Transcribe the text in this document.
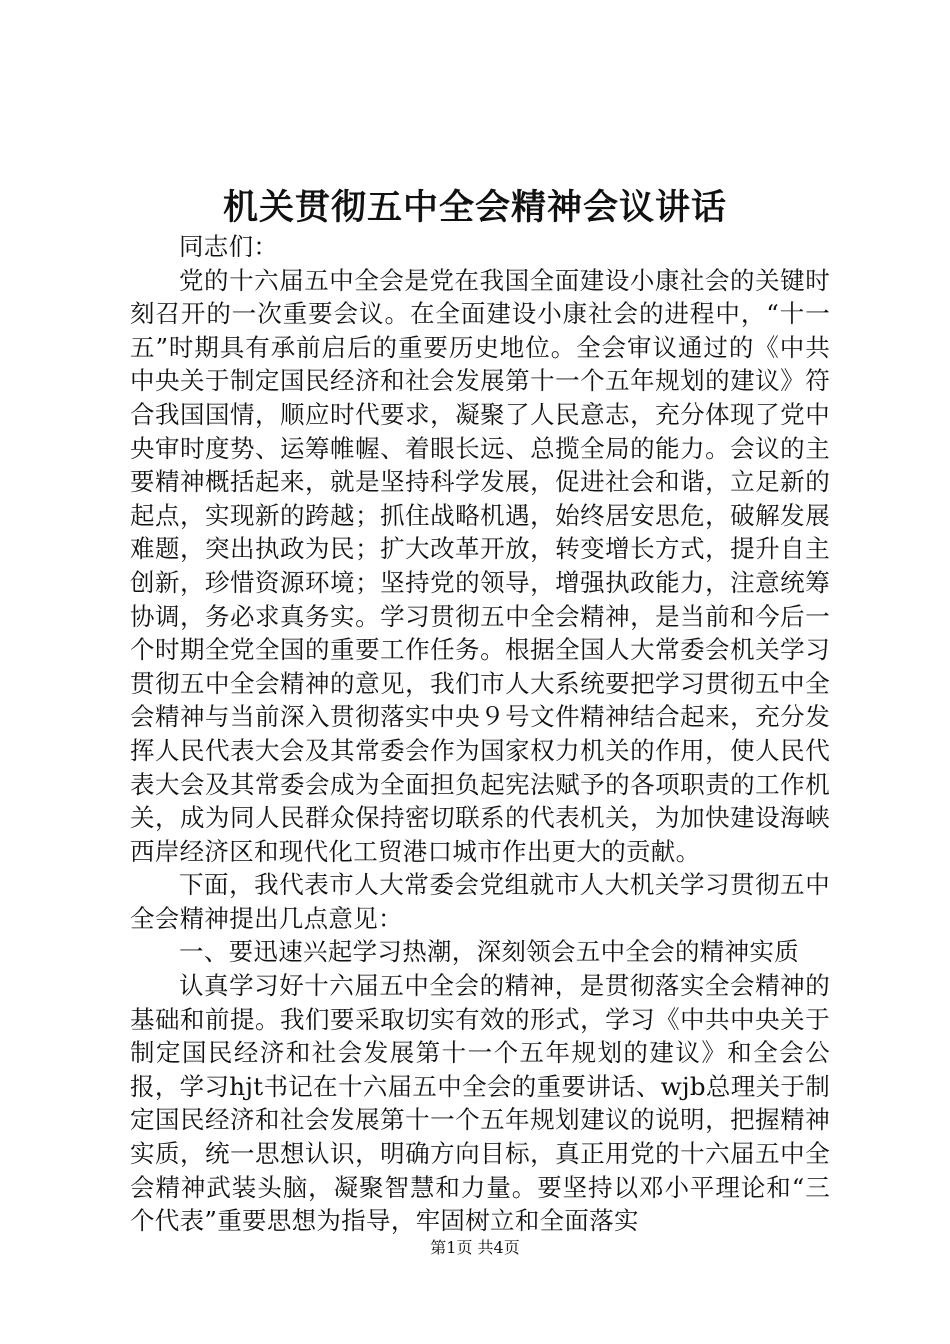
机关贯彻五中全会精神会议讲话

同志们：

党的十六届五中全会是党在我国全面建设小康社会的关键时刻召开的一次重要会议。在全面建设小康社会的进程中，“十一五”时期具有承前启后的重要历史地位。全会审议通过的《中共中央关于制定国民经济和社会发展第十一个五年规划的建议》符合我国国情，顺应时代要求，凝聚了人民意志，充分体现了党中央审时度势、运筹帷幄、着眼长远、总揽全局的能力。会议的主要精神概括起来，就是坚持科学发展，促进社会和谐，立足新的起点，实现新的跨越；抓住战略机遇，始终居安思危，破解发展难题，突出执政为民；扩大改革开放，转变增长方式，提升自主创新，珍惜资源环境；坚持党的领导，增强执政能力，注意统筹协调，务必求真务实。学习贯彻五中全会精神，是当前和今后一个时期全党全国的重要工作任务。根据全国人大常委会机关学习贯彻五中全会精神的意见，我们市人大系统要把学习贯彻五中全会精神与当前深入贯彻落实中央９号文件精神结合起来，充分发挥人民代表大会及其常委会作为国家权力机关的作用，使人民代表大会及其常委会成为全面担负起宪法赋予的各项职责的工作机关，成为同人民群众保持密切联系的代表机关，为加快建设海峡西岸经济区和现代化工贸港口城市作出更大的贡献。

下面，我代表市人大常委会党组就市人大机关学习贯彻五中全会精神提出几点意见：

一、要迅速兴起学习热潮，深刻领会五中全会的精神实质

认真学习好十六届五中全会的精神，是贯彻落实全会精神的基础和前提。我们要采取切实有效的形式，学习《中共中央关于制定国民经济和社会发展第十一个五年规划的建议》和全会公报，学习hjt书记在十六届五中全会的重要讲话、wjb总理关于制定国民经济和社会发展第十一个五年规划建议的说明，把握精神实质，统一思想认识，明确方向目标，真正用党的十六届五中全会精神武装头脑，凝聚智慧和力量。要坚持以邓小平理论和“三个代表”重要思想为指导，牢固树立和全面落实

第1页 共4页
